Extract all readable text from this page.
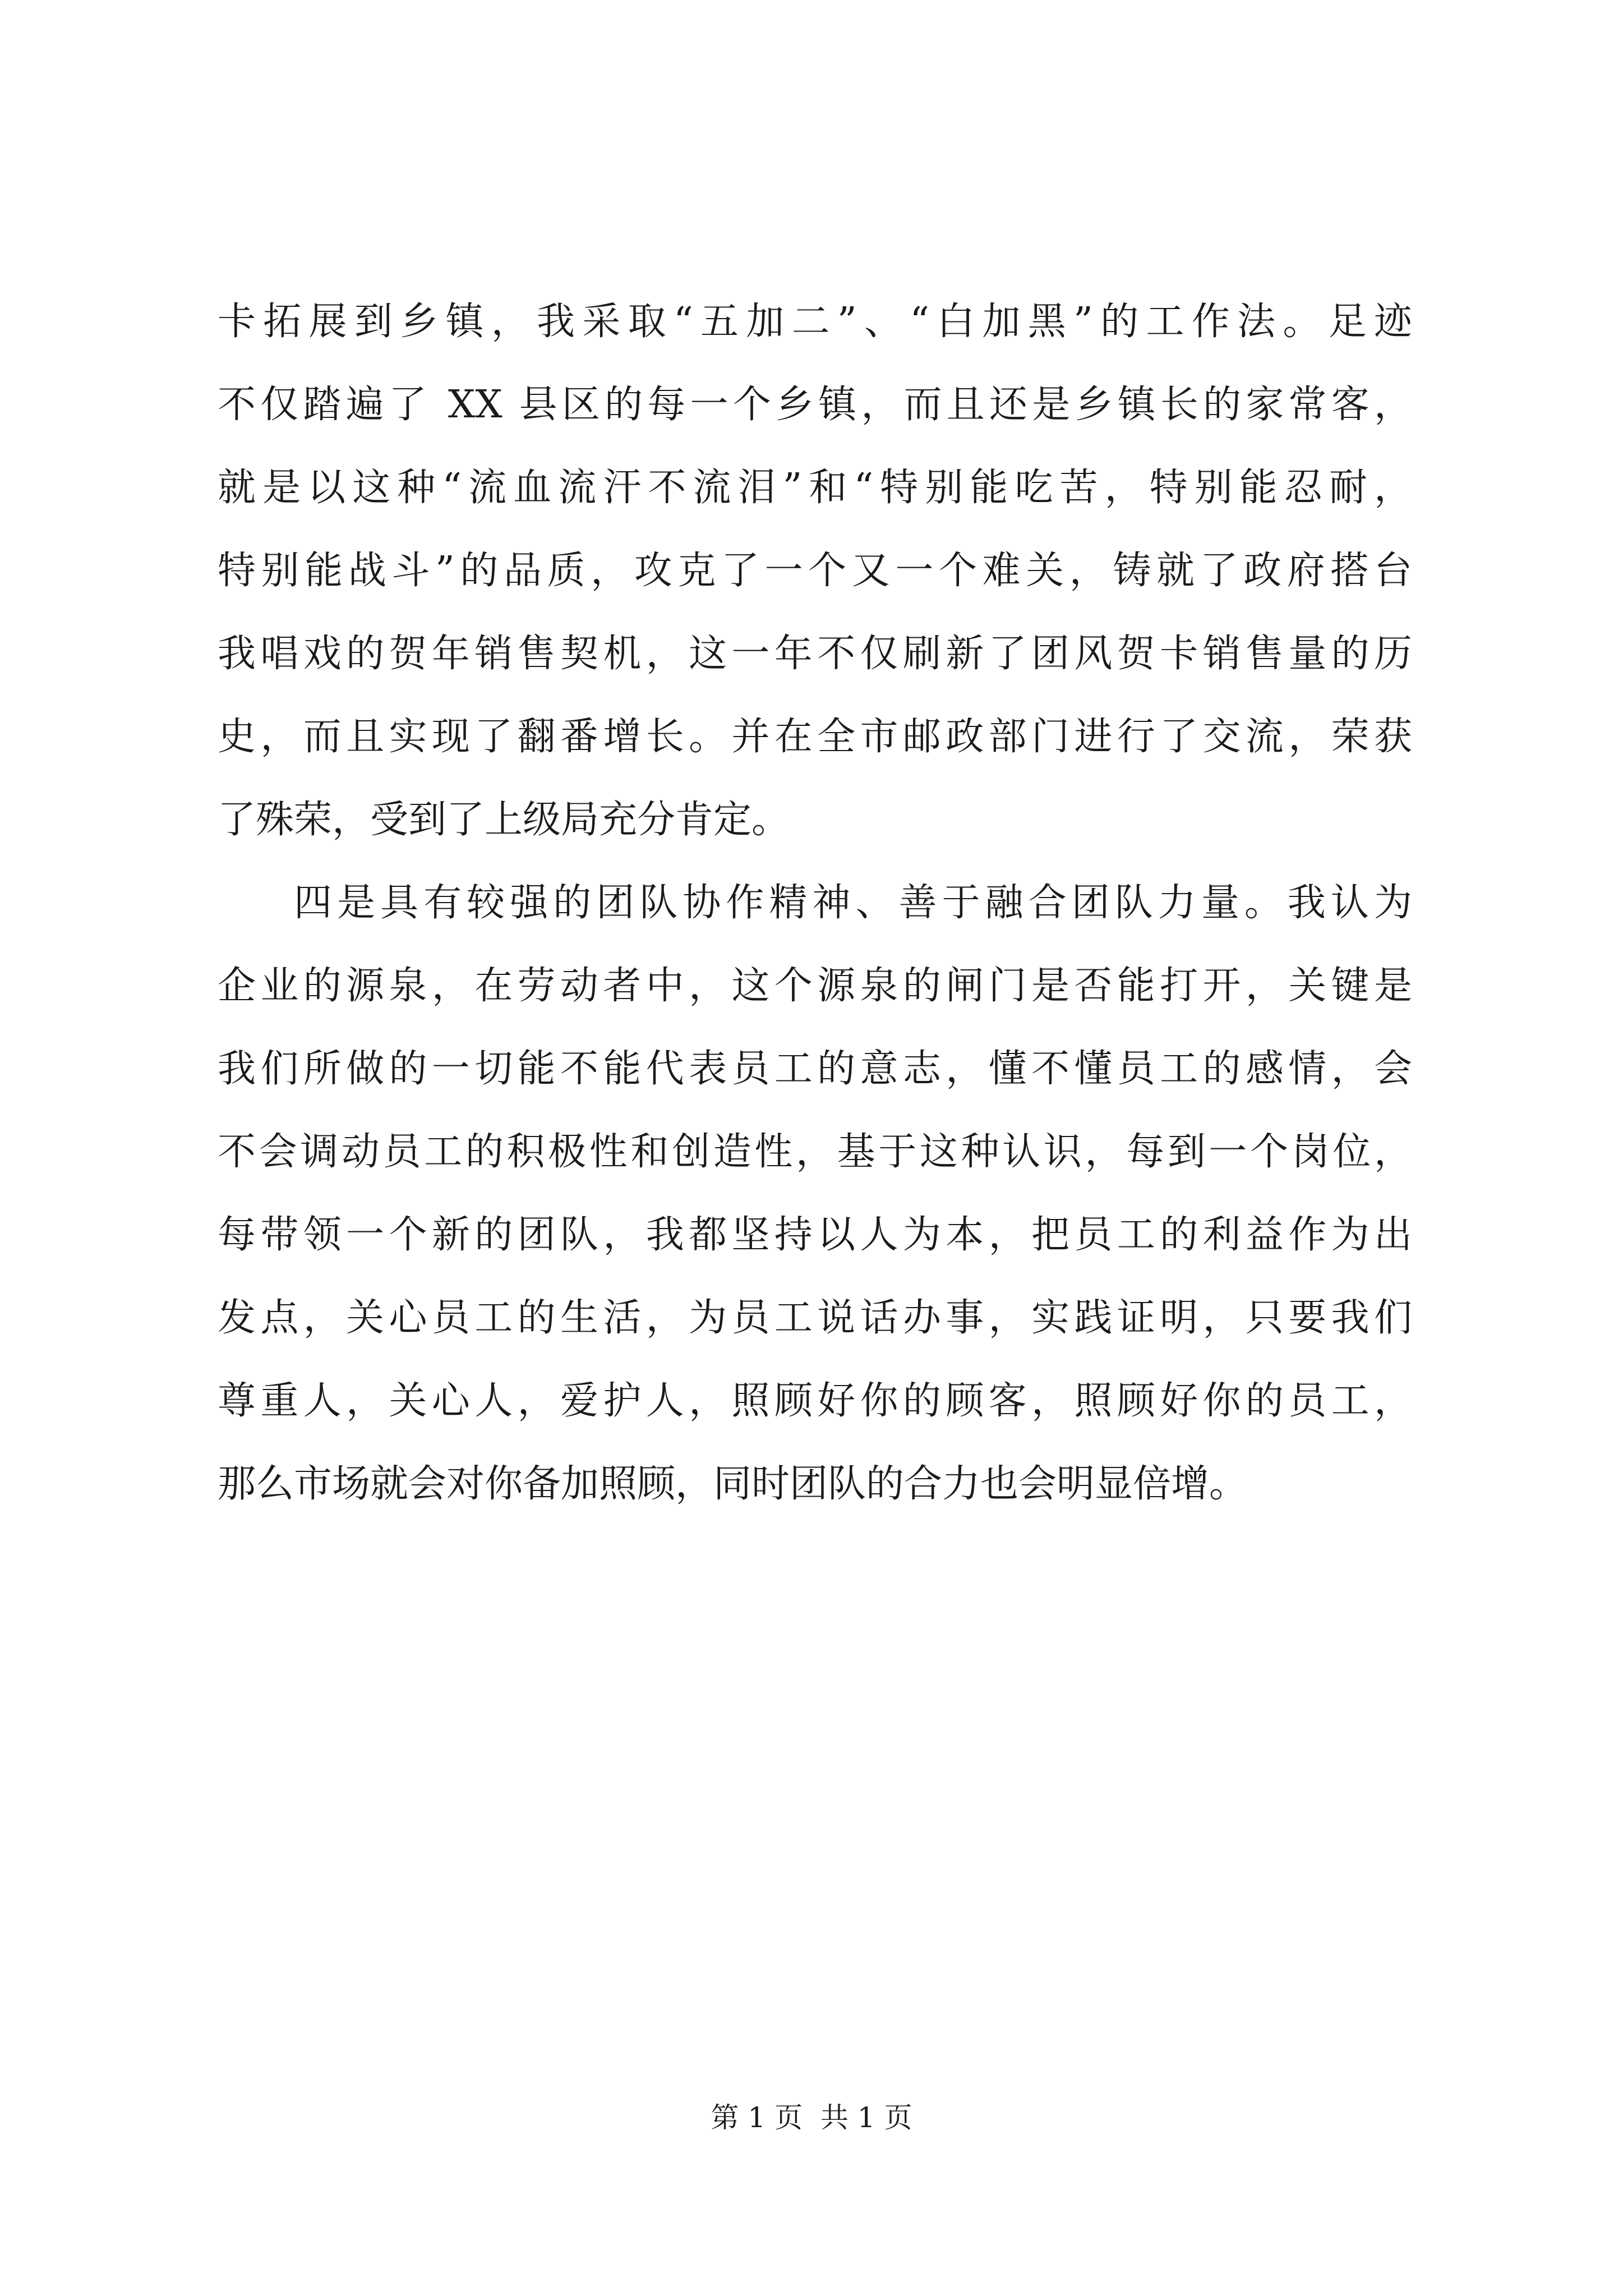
卡拓展到乡镇，我采取“五加二”、“白加黑”的工作法。足迹
不仅踏遍了 XX 县区的每一个乡镇，而且还是乡镇长的家常客，
就是以这种“流血流汗不流泪”和“特别能吃苦，特别能忍耐，
特别能战斗”的品质，攻克了一个又一个难关，铸就了政府搭台
我唱戏的贺年销售契机，这一年不仅刷新了团风贺卡销售量的历
史，而且实现了翻番增长。并在全市邮政部门进行了交流，荣获
了殊荣，受到了上级局充分肯定。
四是具有较强的团队协作精神、善于融合团队力量。我认为
企业的源泉，在劳动者中，这个源泉的闸门是否能打开，关键是
我们所做的一切能不能代表员工的意志，懂不懂员工的感情，会
不会调动员工的积极性和创造性，基于这种认识，每到一个岗位，
每带领一个新的团队，我都坚持以人为本，把员工的利益作为出
发点，关心员工的生活，为员工说话办事，实践证明，只要我们
尊重人，关心人，爱护人，照顾好你的顾客，照顾好你的员工，
那么市场就会对你备加照顾，同时团队的合力也会明显倍增。
第 1 页  共 1 页
